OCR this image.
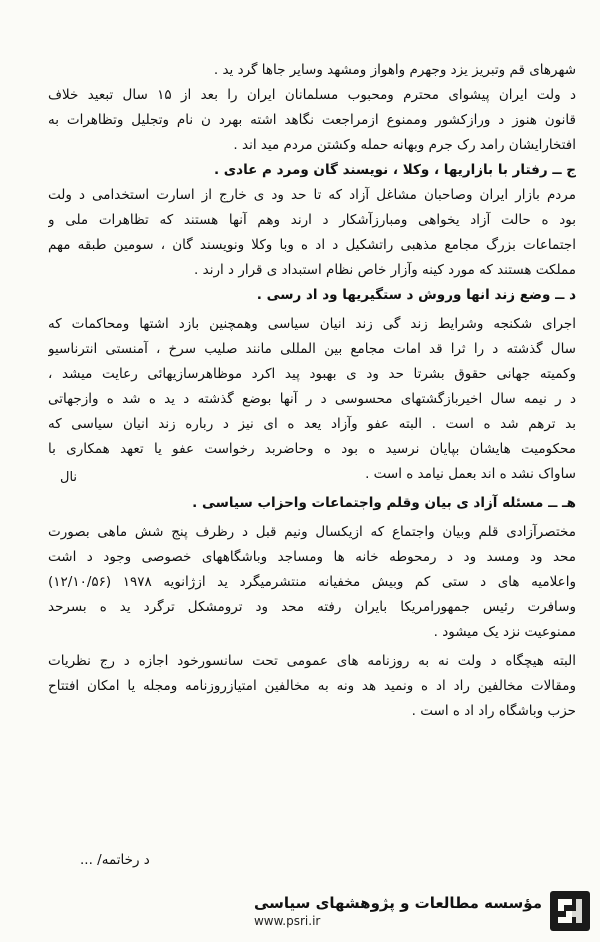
شهرهای قم وتبریز یزد وجهرم واهواز ومشهد وسایر جاها گرد ید .
د ولت ایران پیشوای محترم ومحبوب مسلمانان ایران را بعد از ۱۵ سال تبعید خلاف
قانون هنوز د ورازکشور وممنوع ازمراجعت نگاهد اشته بهرد ن نام وتجلیل وتظاهرات به
افتخارایشان رامد رک جرم وبهانه حمله وکشتن مردم مید اند .
ج ــ رفتار با بازاریها ، وکلا ، نویسند گان ومرد م عادی .
مردم بازار ایران وصاحبان مشاغل آزاد که تا حد ود ی خارج از اسارت استخدامی د ولت
بود ه حالت آزاد یخواهی ومبارزآشکار د ارند وهم آنها هستند که تظاهرات ملی و
اجتماعات بزرگ مجامع مذهبی راتشکیل د اد ه وبا وکلا ونویسند گان ، سومین طبقه مهم
مملکت هستند که مورد کینه وآزار خاص نظام استبداد ی قرار د ارند .
د ــ وضع زند انها وروش د ستگیریها ود اد رسی .
اجرای شکنجه وشرایط زند گی زند انیان سیاسی وهمچنین بازد اشتها ومحاکمات که
سال گذشته د را ثرا قد امات مجامع بین المللی مانند صلیب سرخ ، آمنستی انترناسیو
وکمیته جهانی حقوق بشرتا حد ود ی بهبود پید اکرد موظاهرسازیهائی رعایت میشد ،
د ر نیمه سال اخیربازگشتهای محسوسی د ر آنها بوضع گذشته د ید ه شد ه وازجهاتی
بد ترهم شد ه است . البته عفو وآزاد یعد ه ای نیز د رباره زند انیان سیاسی که
محکومیت هایشان بپایان نرسید ه بود ه وحاضربد رخواست عفو یا تعهد همکاری با
ساواک نشد ه اند بعمل نیامد ه است .
هـ ــ مسئله آزاد ی بیان وقلم واجتماعات واحزاب سیاسی .
مختصرآزادی قلم وبیان واجتماع که ازیکسال ونیم قبل د رظرف پنج شش ماهی بصورت
محد ود ومسد ود د رمحوطه خانه ها ومساجد وباشگاههای خصوصی وجود د اشت
واعلامیه های د ستی کم وبیش مخفیانه منتشرمیگرد ید ازژانویه ۱۹۷۸ (۱۲/۱۰/۵۶)
وسافرت رئیس جمهورامریکا بایران رفته محد ود ترومشکل ترگرد ید ه بسرحد
ممنوعیت نزد یک میشود .
البته هیچگاه د ولت نه به روزنامه های عمومی تحت سانسورخود اجازه د رج نظریات
ومقالات مخالفین راد اد ه ونمید هد ونه به مخالفین امتیازروزنامه ومجله یا امکان افتتاح
حزب وباشگاه راد اد ه است .
نال
د رخاتمه/ ...
مؤسسه مطالعات و پژوهشهای سیاسی
www.psri.ir
